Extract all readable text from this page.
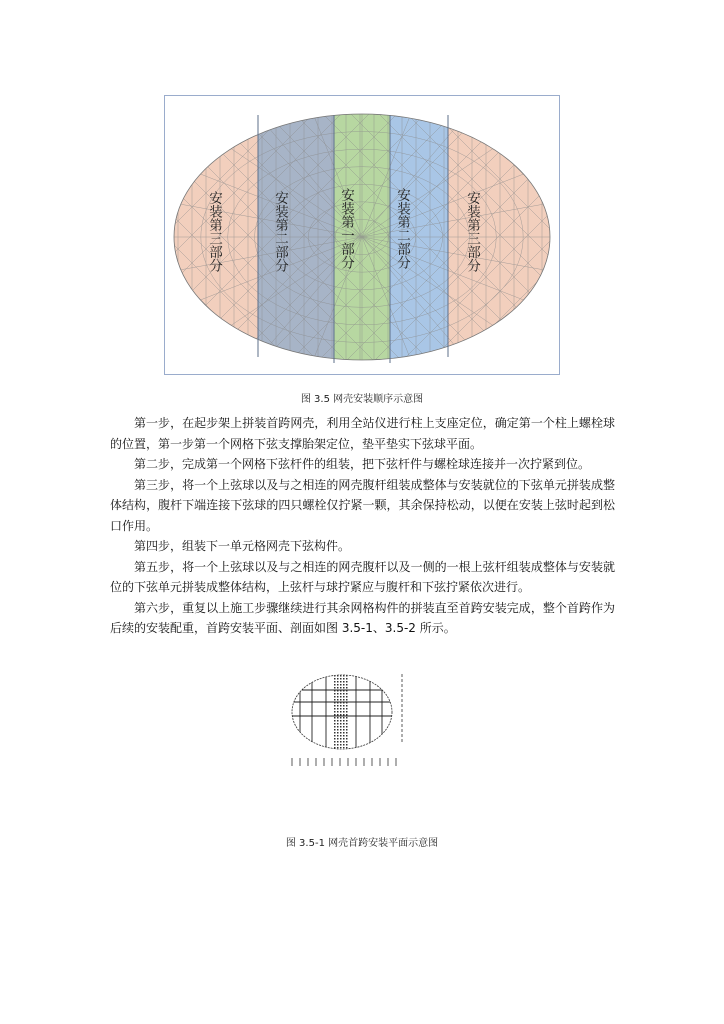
安装第三部分	安装第二部分	安装第一部分	安装第二部分	安装第三部分
图 3.5 网壳安装顺序示意图

第一步，在起步架上拼装首跨网壳，利用全站仪进行柱上支座定位，确定第一个柱上螺栓球的位置，第一步第一个网格下弦支撑胎架定位，垫平垫实下弦球平面。

第二步，完成第一个网格下弦杆件的组装，把下弦杆件与螺栓球连接并一次拧紧到位。

第三步，将一个上弦球以及与之相连的网壳腹杆组装成整体与安装就位的下弦单元拼装成整体结构，腹杆下端连接下弦球的四只螺栓仅拧紧一颗，其余保持松动，以便在安装上弦时起到松口作用。

第四步，组装下一单元格网壳下弦构件。

第五步，将一个上弦球以及与之相连的网壳腹杆以及一侧的一根上弦杆组装成整体与安装就位的下弦单元拼装成整体结构，上弦杆与球拧紧应与腹杆和下弦拧紧依次进行。

第六步，重复以上施工步骤继续进行其余网格构件的拼装直至首跨安装完成，整个首跨作为后续的安装配重，首跨安装平面、剖面如图 3.5-1、3.5-2 所示。

图 3.5-1 网壳首跨安装平面示意图
